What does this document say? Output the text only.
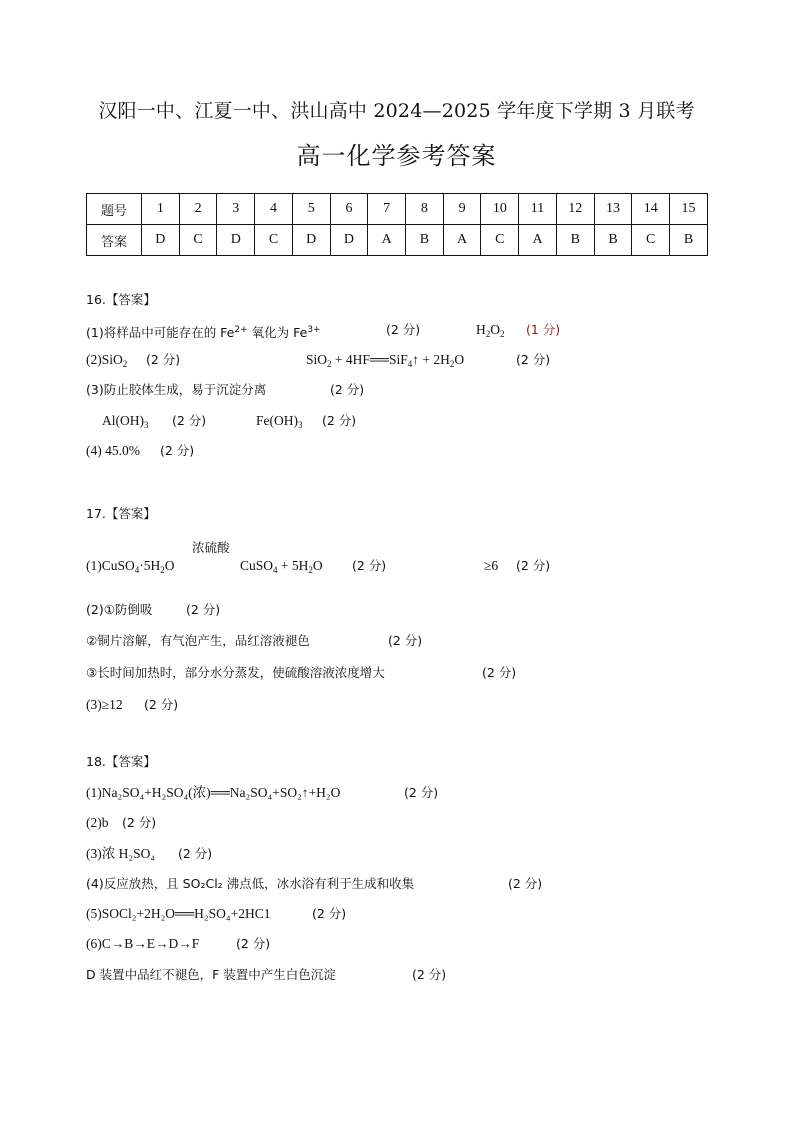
汉阳一中、江夏一中、洪山高中 2024—2025 学年度下学期 3 月联考
高一化学参考答案
题号	1	2	3	4	5	6	7	8	9	10	11	12	13	14	15
答案	D	C	D	C	D	D	A	B	A	C	A	B	B	C	B
16.【答案】
(1)将样品中可能存在的 $Fe^{2+}$ 氧化为 $Fe^{3+}$	(2 分)	$H_2O_2$ (1 分)
(2)SiO$_2$ (2 分)	SiO$_2$ + 4HF══SiF$_4$↑ + $2H_2O$	(2 分)
(3)防止胶体生成，易于沉淀分离	(2 分)
$Al(OH)_3$ (2 分)	$Fe(OH)_3$ (2 分)
(4) 45.0% (2 分)
17.【答案】
浓硫酸
$(1)CuSO_4\cdot 5H_2O$	CuSO$_4$ + $5H_2O$ (2 分)	≥6 (2 分)
(2)①防倒吸	(2 分)
②铜片溶解，有气泡产生，品红溶液褪色	(2 分)
③长时间加热时，部分水分蒸发，使硫酸溶液浓度增大	(2 分)
(3)≥12 (2 分)
18.【答案】
(1)Na₂SO₄+H₂SO₄(浓)══Na₂SO₄+SO₂↑+H₂O	(2 分)
(2)b (2 分)
(3)浓 H₂SO₄ (2 分)
(4)反应放热，且 SO₂Cl₂ 沸点低，冰水浴有利于生成和收集	(2 分)
(5)SOCl₂+2H₂O══H₂SO₄+2HC1	(2 分)
(6)C→B→E→D→F	(2 分)
D 装置中品红不褪色，F 装置中产生白色沉淀	(2 分)
